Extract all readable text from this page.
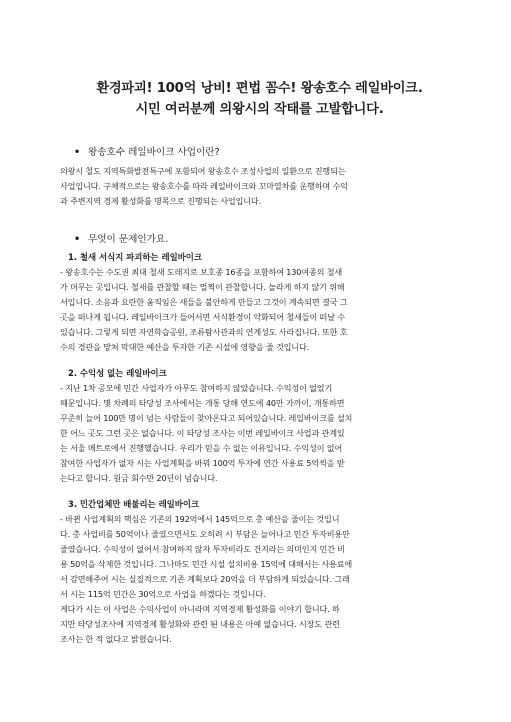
환경파괴! 100억 낭비! 편법 꼼수! 왕송호수 레일바이크.
시민 여러분께 의왕시의 작태를 고발합니다.
• 왕송호수 레일바이크 사업이란?
의왕시 철도 지역특화발전특구에 포함되어 왕송호수 조성사업의 일환으로 진행되는
사업입니다. 구체적으로는 왕송호수를 따라 레일바이크와 꼬마열차를 운행하며 수익
과 주변지역 경제 활성화를 명목으로 진행되는 사업입니다.
• 무엇이 문제인가요.
1. 철새 서식지 파괴하는 레일바이크
- 왕송호수는 수도권 최대 철새 도래지로 보호종 16종을 포함하여 130여종의 철새
가 머무는 곳입니다. 철새를 관찰할 때는 멀찍이 관찰합니다. 놀라게 하지 않기 위해
서입니다. 소음과 요란한 움직임은 새들을 불안하게 만들고 그것이 계속되면 결국 그
곳을 떠나게 됩니다. 레일바이크가 들어서면 서식환경이 악화되어 철새들이 떠날 수
있습니다. 그렇게 되면 자연학습공원, 조류탐사관과의 연계성도 사라집니다. 또한 호
수의 경관을 망쳐 막대한 예산을 투자한 기존 시설에 영향을 줄 것입니다.
2. 수익성 없는 레일바이크
- 지난 1차 공모에 민간 사업자가 아무도 참여하지 않았습니다. 수익성이 없었기
때문입니다. 몇 차례의 타당성 조사에서는 개통 당해 연도에 40만 가까이, 개통하면
꾸준히 늘어 100만 명이 넘는 사람들이 찾아온다고 되어있습니다. 레일바이크를 설치
한 어느 곳도 그런 곳은 없습니다. 이 타당성 조사는 이번 레일바이크 사업과 관계있
는 서울 메트로에서 진행했습니다. 우리가 믿을 수 없는 이유입니다. 수익성이 없어
참여한 사업자가 없자 시는 사업계획을 바꿔 100억 투자에 연간 사용료 5억씩을 받
는다고 합니다. 원금 회수만 20년이 넘습니다.
3. 민간업체만 배불리는 레일바이크
- 바뀐 사업계획의 핵심은 기존의 192억에서 145억으로 총 예산을 줄이는 것입니
다. 총 사업비를 50억이나 줄였으면서도 오히려 시 부담은 늘어나고 민간 투자비용만
줄였습니다. 수익성이 없어서 참여하지 않자 투자비라도 건지라는 의미인지 민간 비
용 50억을 삭제한 것입니다. 그나마도 민간 시설 설치비용 15억에 대해서는 사용료에
서 감면해주어 시는 실질적으로 기존 계획보다 20억을 더 부담하게 되었습니다. 그래
서 시는 115억 민간은 30억으로 사업을 하겠다는 것입니다.
게다가 시는 이 사업은 수익사업이 아니라며 지역경제 활성화를 이야기 합니다. 하
지만 타당성조사에 지역경제 활성화와 관련 된 내용은 아예 없습니다. 시장도 관련
조사는 한 적 없다고 밝혔습니다.
